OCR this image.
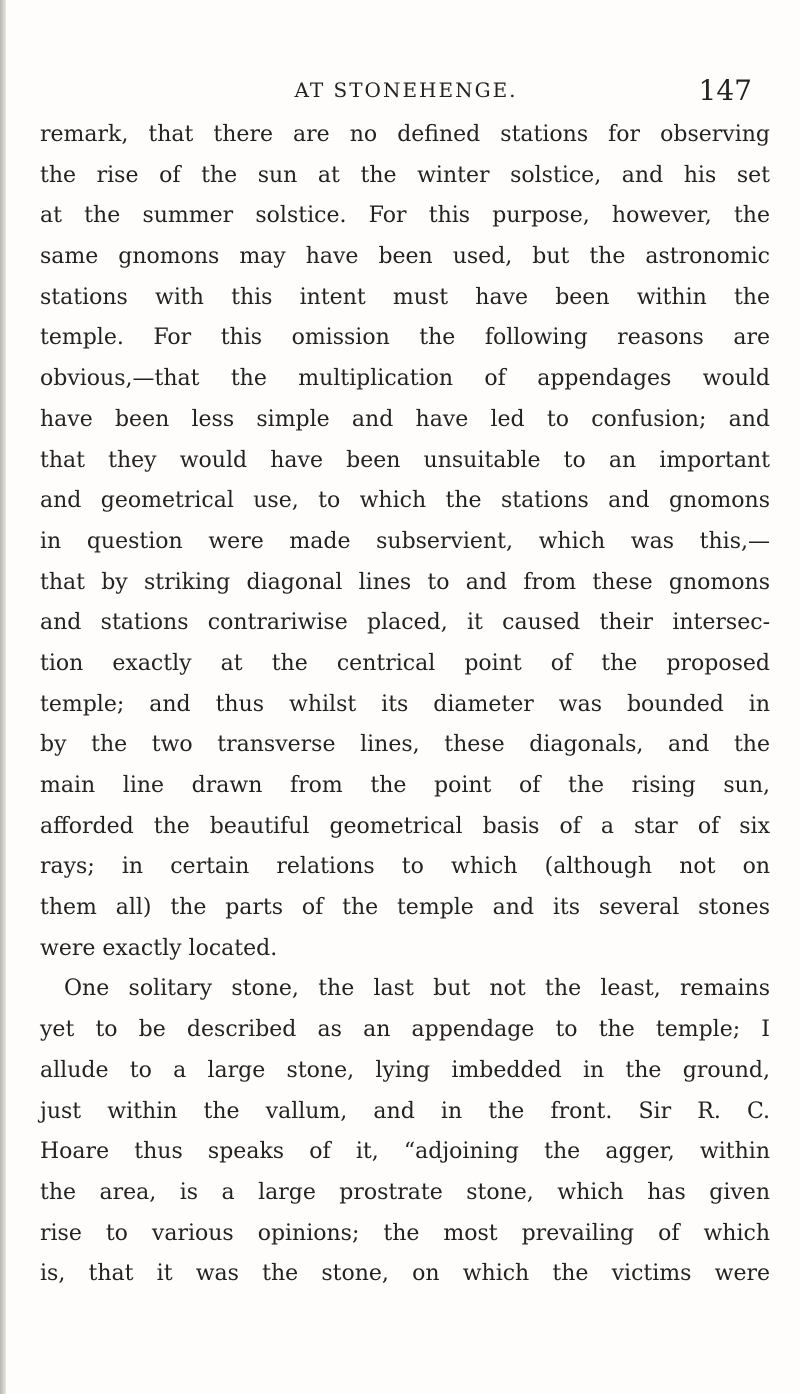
AT STONEHENGE.	147
remark, that there are no defined stations for observing
the rise of the sun at the winter solstice, and his set
at the summer solstice. For this purpose, however, the
same gnomons may have been used, but the astronomic
stations with this intent must have been within the
temple. For this omission the following reasons are
obvious,—that the multiplication of appendages would
have been less simple and have led to confusion; and
that they would have been unsuitable to an important
and geometrical use, to which the stations and gnomons
in question were made subservient, which was this,—
that by striking diagonal lines to and from these gnomons
and stations contrariwise placed, it caused their intersec-
tion exactly at the centrical point of the proposed
temple; and thus whilst its diameter was bounded in
by the two transverse lines, these diagonals, and the
main line drawn from the point of the rising sun,
afforded the beautiful geometrical basis of a star of six
rays; in certain relations to which (although not on
them all) the parts of the temple and its several stones
were exactly located.
One solitary stone, the last but not the least, remains
yet to be described as an appendage to the temple; I
allude to a large stone, lying imbedded in the ground,
just within the vallum, and in the front. Sir R. C.
Hoare thus speaks of it, “adjoining the agger, within
the area, is a large prostrate stone, which has given
rise to various opinions; the most prevailing of which
is, that it was the stone, on which the victims were
